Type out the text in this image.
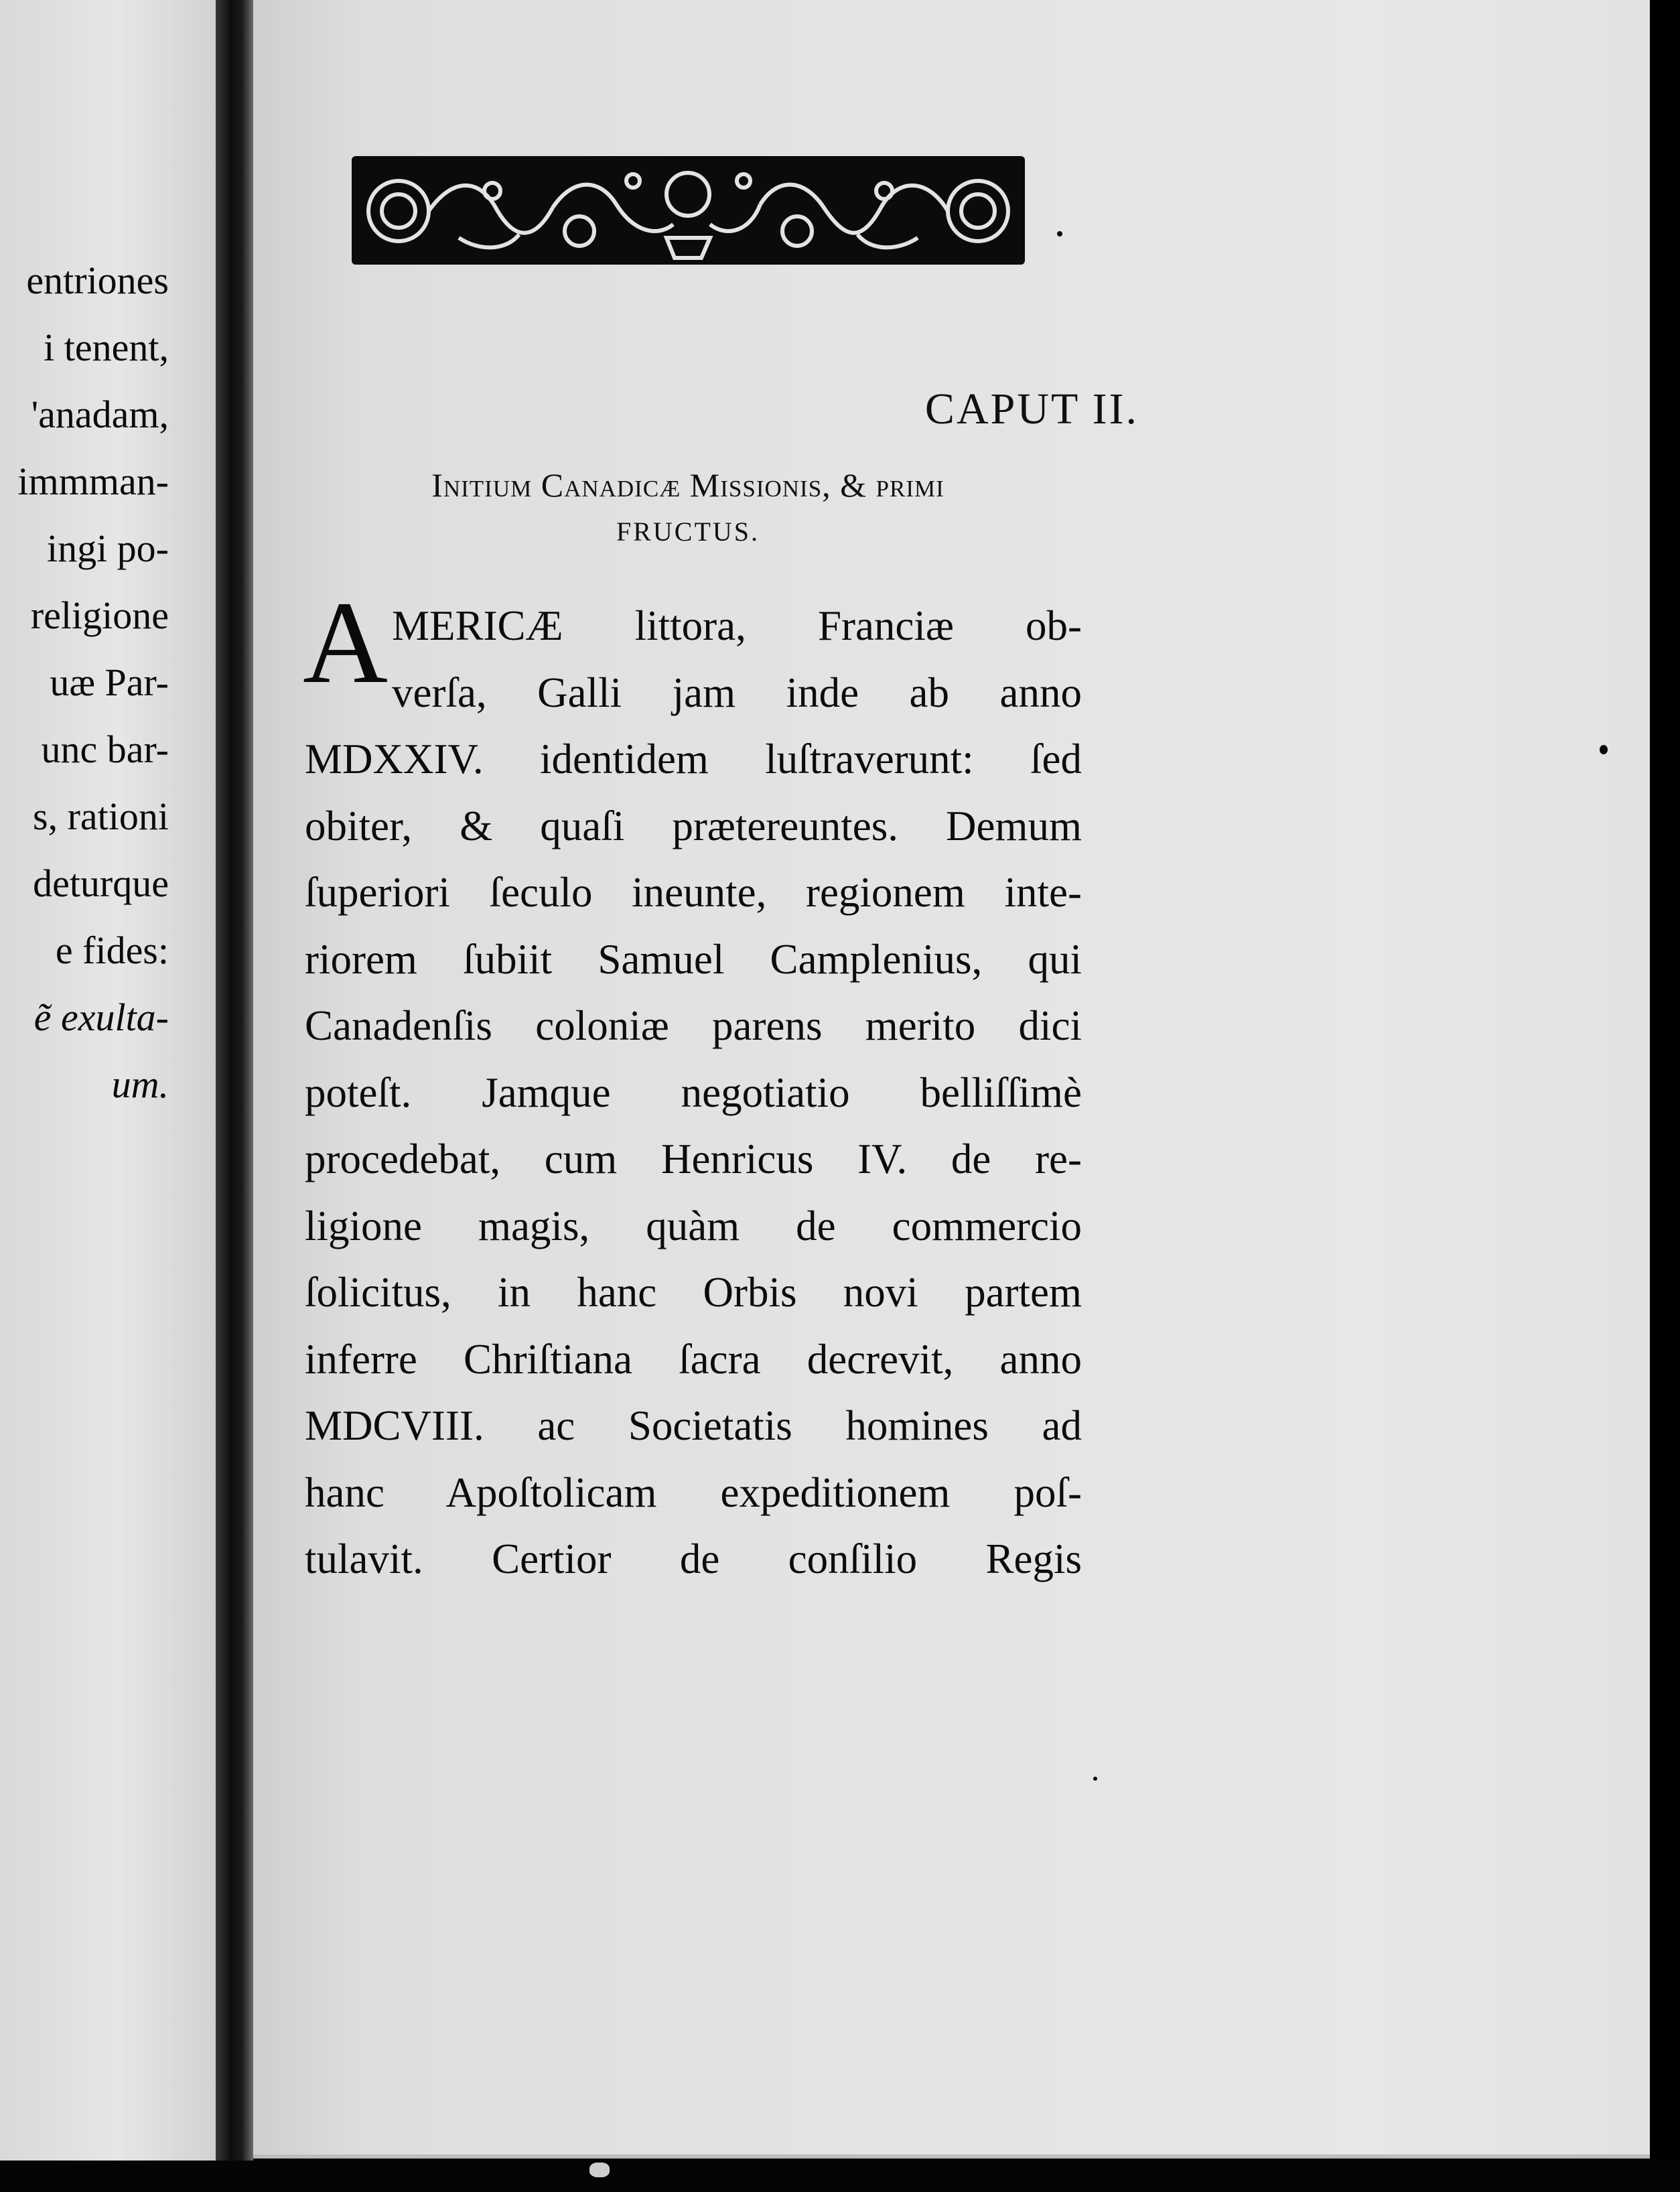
entriones
i tenent,
'anadam,
immman-
ingi po-
religione
uæ Par-
unc bar-
s, rationi
deturque
e fides:
ẽ exulta-
um.
CAPUT II.
Initium Canadicæ Missionis, & primi
FRUCTUS.
A MERICÆ littora, Franciæ ob-
verſa, Galli jam inde ab anno
MDXXIV. identidem luſtraverunt: ſed
obiter, & quaſi prætereuntes. Demum
ſuperiori ſeculo ineunte, regionem inte-
riorem ſubiit Samuel Camplenius, qui
Canadenſis coloniæ parens merito dici
poteſt. Jamque negotiatio belliſſimè
procedebat, cum Henricus IV. de re-
ligione magis, quàm de commercio
ſolicitus, in hanc Orbis novi partem
inferre Chriſtiana ſacra decrevit, anno
MDCVIII. ac Societatis homines ad
hanc Apoſtolicam expeditionem poſ-
tulavit. Certior de conſilio Regis
